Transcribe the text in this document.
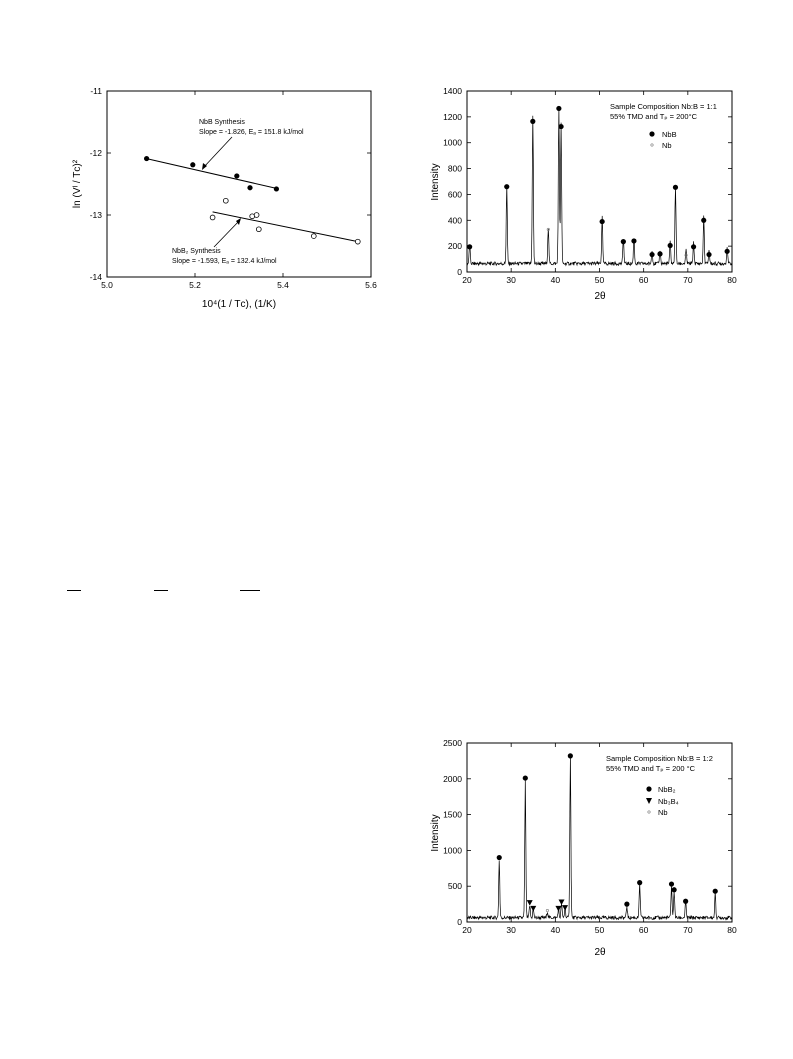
5.0	5.2	5.4	5.6
-11
-12
-13
-14
NbB Synthesis
Slope = -1.826, Eₐ = 151.8 kJ/mol
NbB₂ Synthesis
Slope = -1.593, Eₐ = 132.4 kJ/mol
ln (Vᴵ / Tᴄ)²
10⁴(1 / Tᴄ), (1/K)
20	30	40	50	60	70	80
0
200
400
600
800
1000
1200
1400
Sample Composition Nb:B = 1:1
55% TMD and Tₚ = 200°C
NbB
Nb
Intensity
2θ
20	30	40	50	60	70	80
0
500
1000
1500
2000
2500
Sample Composition Nb:B = 1:2
55% TMD and Tₚ = 200 °C
NbB₂
Nb₃B₄
Nb
Intensity
2θ
